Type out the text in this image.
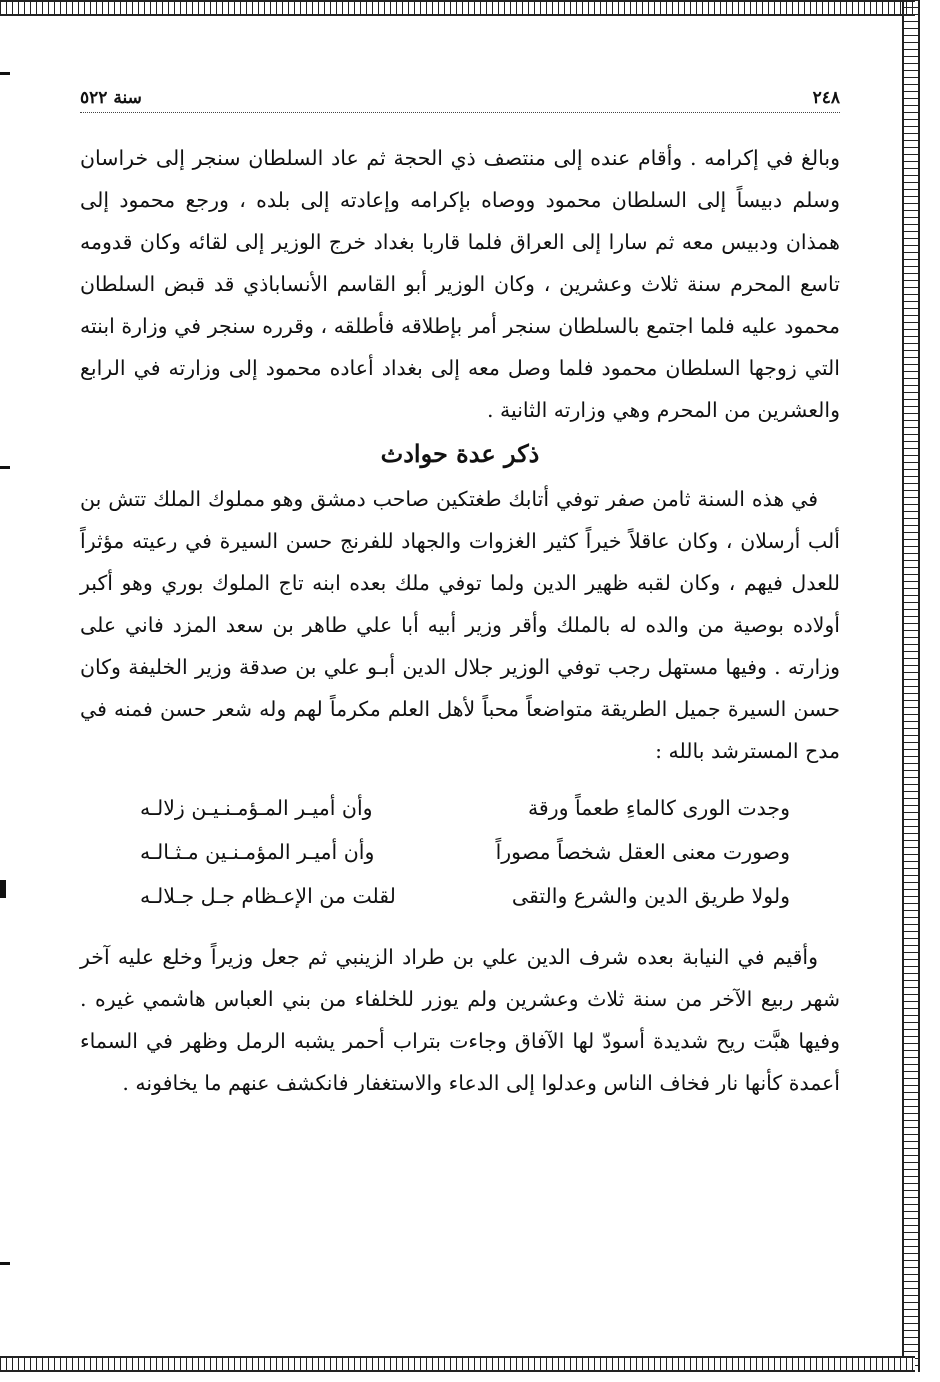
٢٤٨
سنة ٥٢٢

وبالغ في إكرامه . وأقام عنده إلى منتصف ذي الحجة ثم عاد السلطان سنجر إلى خراسان وسلم دبيساً إلى السلطان محمود ووصاه بإكرامه وإعادته إلى بلده ، ورجع محمود إلى همذان ودبيس معه ثم سارا إلى العراق فلما قاربا بغداد خرج الوزير إلى لقائه وكان قدومه تاسع المحرم سنة ثلاث وعشرين ، وكان الوزير أبو القاسم الأنساباذي قد قبض السلطان محمود عليه فلما اجتمع بالسلطان سنجر أمر بإطلاقه فأطلقه ، وقرره سنجر في وزارة ابنته التي زوجها السلطان محمود فلما وصل معه إلى بغداد أعاده محمود إلى وزارته في الرابع والعشرين من المحرم وهي وزارته الثانية .

ذكر عدة حوادث

في هذه السنة ثامن صفر توفي أتابك طغتكين صاحب دمشق وهو مملوك الملك تتش بن ألب أرسلان ، وكان عاقلاً خيراً كثير الغزوات والجهاد للفرنج حسن السيرة في رعيته مؤثراً للعدل فيهم ، وكان لقبه ظهير الدين ولما توفي ملك بعده ابنه تاج الملوك بوري وهو أكبر أولاده بوصية من والده له بالملك وأقر وزير أبيه أبا علي طاهر بن سعد المزد فاني على وزارته . وفيها مستهل رجب توفي الوزير جلال الدين أبـو علي بن صدقة وزير الخليفة وكان حسن السيرة جميل الطريقة متواضعاً محباً لأهل العلم مكرماً لهم وله شعر حسن فمنه في مدح المسترشد بالله :

وجدت الورى كالماءِ طعماً ورقة
وأن أميـر المـؤمـنـيـن زلالـه
وصورت معنى العقل شخصاً مصوراً
وأن أميـر المؤمـنـين مـثـالـه
ولولا طريق الدين والشرع والتقى
لقلت من الإعـظام جـل جـلالـه

وأقيم في النيابة بعده شرف الدين علي بن طراد الزينبي ثم جعل وزيراً وخلع عليه آخر شهر ربيع الآخر من سنة ثلاث وعشرين ولم يوزر للخلفاء من بني العباس هاشمي غيره . وفيها هبَّت ريح شديدة أسودّ لها الآفاق وجاءت بتراب أحمر يشبه الرمل وظهر في السماء أعمدة كأنها نار فخاف الناس وعدلوا إلى الدعاء والاستغفار فانكشف عنهم ما يخافونه .
